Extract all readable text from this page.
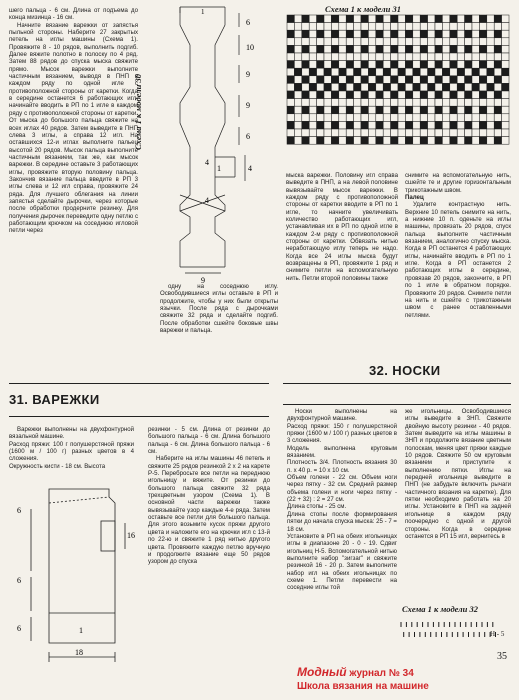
шего пальца - 6 см. Длина от подъема до конца мизинца - 16 см.

Начните вязание варежки от запястья пыльной стороны. Наберите 27 закрытых петель на иглы машины (Схема 1). Провяжите 8 - 10 рядов, выполнить подгиб. Далее вяжите полотно в полоску по 4 ряд. Затем 88 рядов до спуска мыска свяжите прямо. Мысок варежки выполните частичным вязанием, выводя в ПНП в каждом ряду по одной игле с противоположной стороны от каретки. Когда в середине останется 6 работающих игл, начинайте вводить в РП по 1 игле в каждом ряду с противоположной стороны от каретки. От мыска до большого пальца свяжите на всех иглах 40 рядов. Затем выведите в ПНП слева 3 иглы, а справа 12 игл. На оставшихся 12-и иглах выполните пальец высотой 20 рядов. Мысок пальца выполните частичным вязанием, так же, как мысок варежки. В середине оставьте 3 работающих иглы, провяжите вторую половину пальца. Закончив вязание пальца введите в РП 3 иглы слева и 12 игл справа, провяжите 24 ряда. Для лучшего облегания на линии запястья сделайте дырочки, через которые после обработки продерните резинку. Для получения дырочек переведите одну петлю с работающим крючком на соседнюю игловой петли через

Схема 1 к модели 30
1
6
10
9
9
6
4
4
1
4
9
Схема 1 к модели 31

одну на соседнюю иглу. Освободившиеся иглы оставьте в РП и продолжите, чтобы у них были открыты язычки. После ряда с дырочками свяжите 32 ряда и сделайте подгиб. После обработки сшейте боковые швы варежки и пальца.

мыска варежки. Половину игл справа выведите в ПНП, а на левой половине вывязывайте мысок варежки. В каждом ряду с противоположной стороны от каретки вводите в РП по 1 игле, то начните увеличивать количество работающих игл, устанавливая их в РП по одной игле в каждом 2-м ряду с противоположной стороны от каретки. Обвязать нитью неработающую иглу теперь не надо. Когда все 24 иглы мыска будут возвращены в РП, провяжите 1 ряд и снимите петли на вспомогательную нить. Петли второй половины также

снимите на вспомогательную нить, сшейте те и другие горизонтальным трикотажным швом.

Палец

Удалите контрастную нить. Верхние 10 петель снимите на нить, а нижние 10 п. оденьте на иглы машины, провязать 20 рядов, спуск пальца выполните частичным вязанием, аналогично спуску мыска. Когда в РП останется 4 работающих иглы, начинайте вводить в РП по 1 игле. Когда в РП останется 2 работающих иглы в середине, провязав 20 рядов, закончите, в РП по 1 игле в обратном порядке. Провяжите 20 рядов. Снимите петли на нить и сшейте с трикотажным швом с ранее оставленными петлями.

31. ВАРЕЖКИ
32. НОСКИ

Варежки выполнены на двухфонтурной вязальной машине.

Расход пряжи: 100 г полушерстяной пряжи (1600 м / 100 г) разных цветов в 4 сложения.

Окружность кисти - 18 см. Высота

6
6
6
16
18
1

резинки - 5 см. Длина от резинки до большого пальца - 6 см. Длина большого пальца - 6 см. Длина большого пальца - 6 см.

Наберите на иглы машины 46 петель и свяжите 25 рядов резинкой 2 х 2 на карете Р-5. Перебросьте все петли на переднюю игольницу и вяжите. От резинки до большого пальца свяжите 32 ряда трехцветным узором (Схема 1). В основной части варежки также вывязывайте узор каждые 4-е ряда. Затем оставьте все петли для большого пальца. Для этого возьмите кусок пряжи другого цвета и наложите его на крючки игл с 13-й по 22-ю и свяжите 1 ряд нитью другого цвета. Провяжите каждую петлю вручную и продолжите вязание еще 50 рядов узором до спуска

Носки выполнены на двухфонтурной машине.

Расход пряжи: 150 г полушерстяной пряжи (1600 м / 100 г) разных цветов в 3 сложения.

Модель выполнена круговым вязанием.

Плотность 3/4. Плотность вязания 30 п. х 40 р. = 10 х 10 см.

Объем голени - 22 см. Объем ноги через пятку - 32 см. Средний размер объема голени и ноги через пятку - (22 + 32) : 2 = 27 см.

Длина стопы - 25 см.

Длина стопы после формирования пятки до начала спуска мыска: 25 - 7 = 18 см.

Установите в РП на обеих игольницах иглы в диапазоне 20 - 0 - 19. Сдвиг игольниц Н-5. Вспомогательной нитью выполните набор "зигзаг" и свяжите резинкой 16 - 20 р. Затем выполните набор игл на обеих игольницах по схеме 1. Петли перевести на соседние иглы той

же игольницы. Освободившиеся иглы выведите в ЗНП. Свяжите двойную высоту резинки - 40 рядов. Затем выведите на иглы машины в ЗНП и продолжите вязание цветным полоскам, меняя цвет пряжи каждые 10 рядов. Свяжите 50 см круговым вязанием и приступите к выполнению пятки. Иглы на передней игольнице выведите в ПНП (не забудьте включить рычаги частичного вязания на каретке). Для пятки необходимо работать на 20 иглы. Установите в ПНП на задней игольнице в каждом ряду поочередно с одной и другой стороны. Когда в середине останется в РП 15 игл, вернитесь в

Схема 1 к модели 32
Н - 5
35
Модный журнал № 34
Школа вязания на машине
